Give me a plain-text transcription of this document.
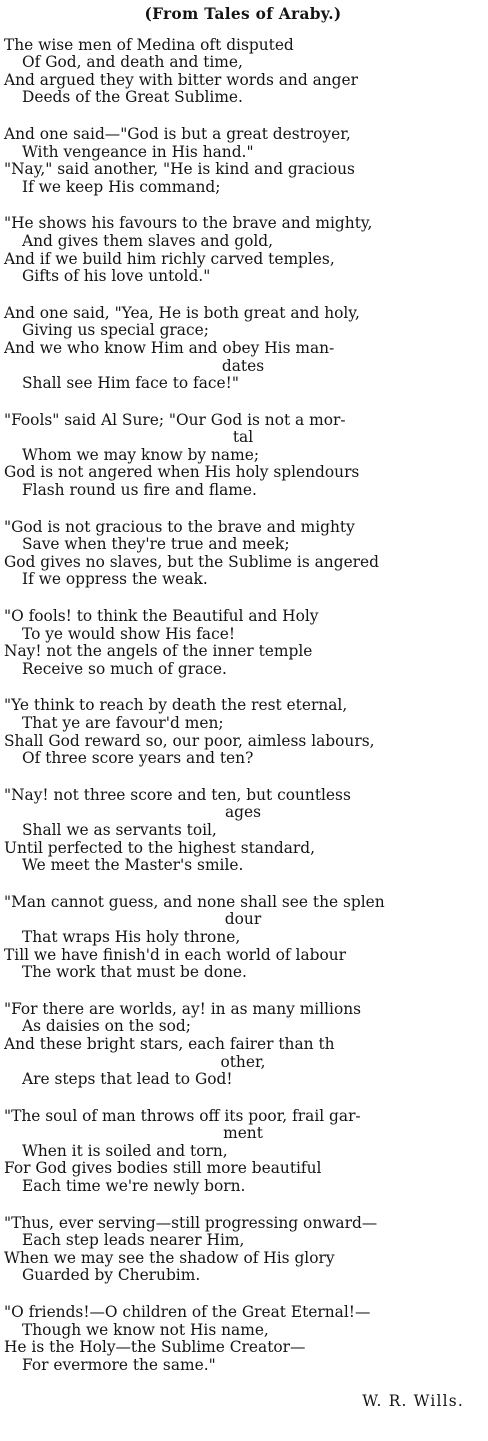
(From Tales of Araby.)
The wise men of Medina oft disputed
Of God, and death and time,
And argued they with bitter words and anger
Deeds of the Great Sublime.
And one said—"God is but a great destroyer,
With vengeance in His hand."
"Nay," said another, "He is kind and gracious
If we keep His command;
"He shows his favours to the brave and mighty,
And gives them slaves and gold,
And if we build him richly carved temples,
Gifts of his love untold."
And one said, "Yea, He is both great and holy,
Giving us special grace;
And we who know Him and obey His man-
dates
Shall see Him face to face!"
"Fools" said Al Sure; "Our God is not a mor-
tal
Whom we may know by name;
God is not angered when His holy splendours
Flash round us fire and flame.
"God is not gracious to the brave and mighty
Save when they're true and meek;
God gives no slaves, but the Sublime is angered
If we oppress the weak.
"O fools! to think the Beautiful and Holy
To ye would show His face!
Nay! not the angels of the inner temple
Receive so much of grace.
"Ye think to reach by death the rest eternal,
That ye are favour'd men;
Shall God reward so, our poor, aimless labours,
Of three score years and ten?
"Nay! not three score and ten, but countless
ages
Shall we as servants toil,
Until perfected to the highest standard,
We meet the Master's smile.
"Man cannot guess, and none shall see the splen
dour
That wraps His holy throne,
Till we have finish'd in each world of labour
The work that must be done.
"For there are worlds, ay! in as many millions
As daisies on the sod;
And these bright stars, each fairer than th
other,
Are steps that lead to God!
"The soul of man throws off its poor, frail gar-
ment
When it is soiled and torn,
For God gives bodies still more beautiful
Each time we're newly born.
"Thus, ever serving—still progressing onward—
Each step leads nearer Him,
When we may see the shadow of His glory
Guarded by Cherubim.
"O friends!—O children of the Great Eternal!—
Though we know not His name,
He is the Holy—the Sublime Creator—
For evermore the same."
W. R. Wills.
